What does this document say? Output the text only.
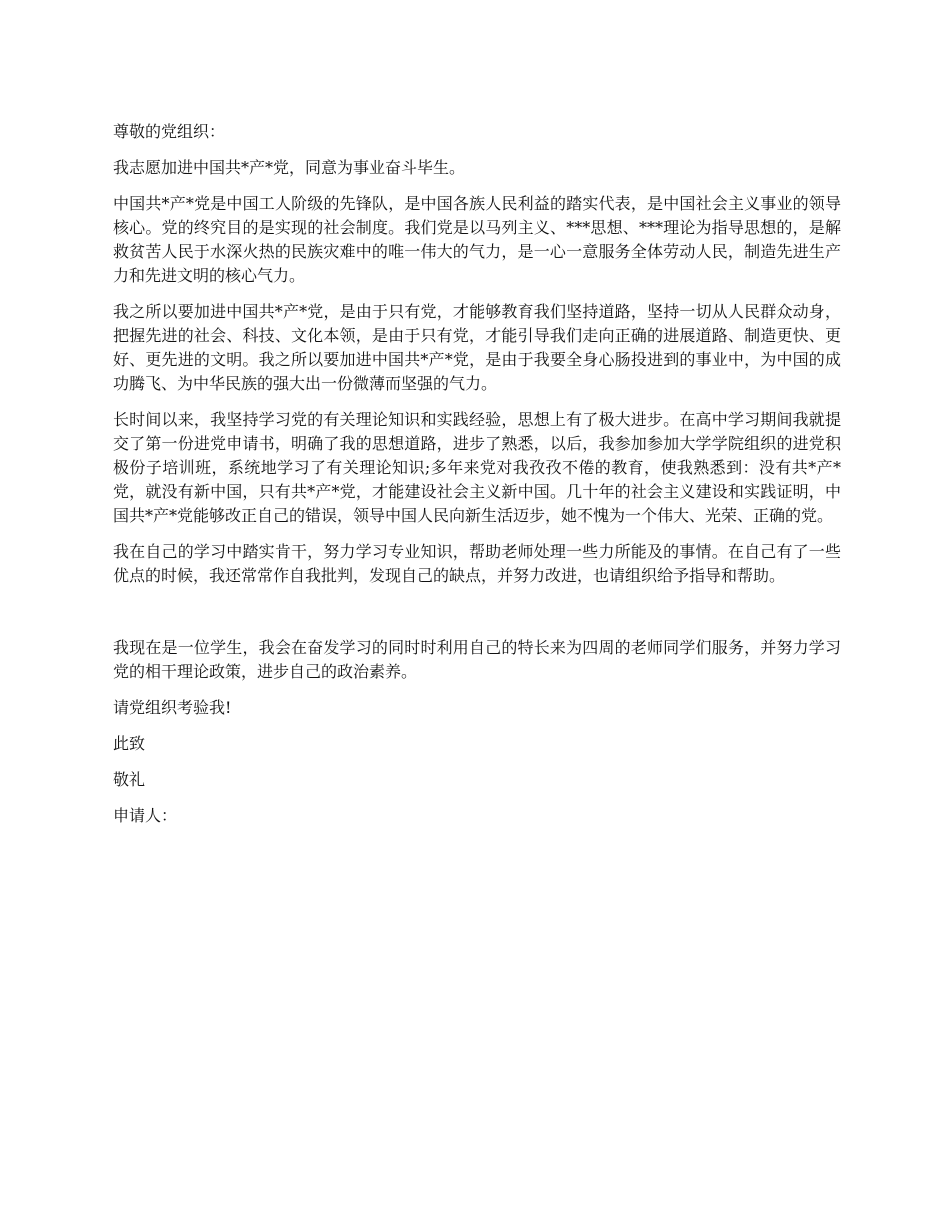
尊敬的党组织：

我志愿加进中国共*产*党，同意为事业奋斗毕生。

中国共*产*党是中国工人阶级的先锋队，是中国各族人民利益的踏实代表，是中国社会主义事业的领导核心。党的终究目的是实现的社会制度。我们党是以马列主义、***思想、***理论为指导思想的，是解救贫苦人民于水深火热的民族灾难中的唯一伟大的气力，是一心一意服务全体劳动人民，制造先进生产力和先进文明的核心气力。

我之所以要加进中国共*产*党，是由于只有党，才能够教育我们坚持道路，坚持一切从人民群众动身，把握先进的社会、科技、文化本领，是由于只有党，才能引导我们走向正确的进展道路、制造更快、更好、更先进的文明。我之所以要加进中国共*产*党，是由于我要全身心肠投进到的事业中，为中国的成功腾飞、为中华民族的强大出一份微薄而坚强的气力。

长时间以来，我坚持学习党的有关理论知识和实践经验，思想上有了极大进步。在高中学习期间我就提交了第一份进党申请书，明确了我的思想道路，进步了熟悉，以后，我参加参加大学学院组织的进党积极份子培训班，系统地学习了有关理论知识;多年来党对我孜孜不倦的教育，使我熟悉到：没有共*产*党，就没有新中国，只有共*产*党，才能建设社会主义新中国。几十年的社会主义建设和实践证明，中国共*产*党能够改正自己的错误，领导中国人民向新生活迈步，她不愧为一个伟大、光荣、正确的党。

我在自己的学习中踏实肯干，努力学习专业知识，帮助老师处理一些力所能及的事情。在自己有了一些优点的时候，我还常常作自我批判，发现自己的缺点，并努力改进，也请组织给予指导和帮助。

我现在是一位学生，我会在奋发学习的同时时利用自己的特长来为四周的老师同学们服务，并努力学习党的相干理论政策，进步自己的政治素养。

请党组织考验我!

此致

敬礼

申请人：
